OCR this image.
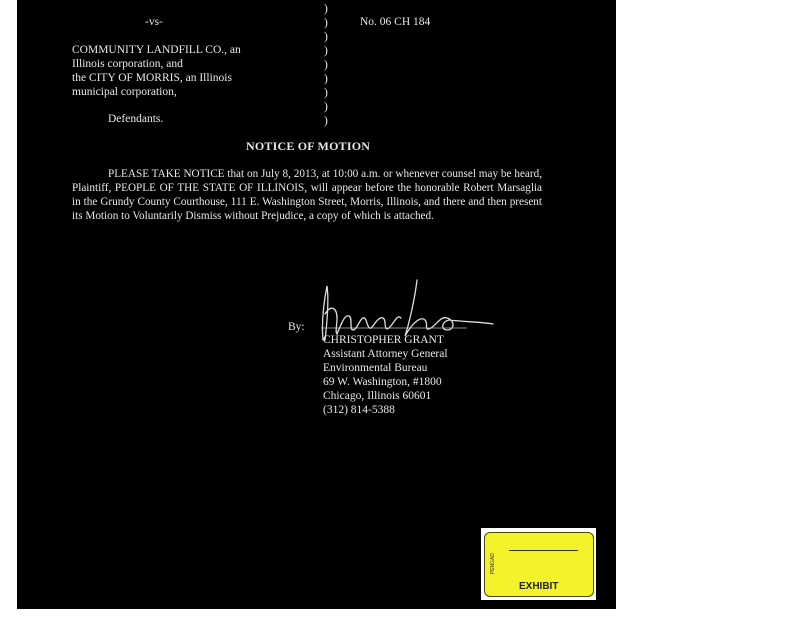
-vs-	No. 06 CH 184
COMMUNITY LANDFILL CO., an
Illinois corporation, and
the CITY OF MORRIS, an Illinois
municipal corporation,
Defendants.
)
)
)
)
)
)
)
)
)
NOTICE OF MOTION
PLEASE TAKE NOTICE that on July 8, 2013, at 10:00 a.m. or whenever counsel may be heard, Plaintiff, PEOPLE OF THE STATE OF ILLINOIS, will appear before the honorable Robert Marsaglia in the Grundy County Courthouse, 111 E. Washington Street, Morris, Illinois, and there and then present its Motion to Voluntarily Dismiss without Prejudice, a copy of which is attached.
By:
CHRISTOPHER GRANT
Assistant Attorney General
Environmental Bureau
69 W. Washington, #1800
Chicago, Illinois 60601
(312) 814-5388
PENGAD
EXHIBIT
